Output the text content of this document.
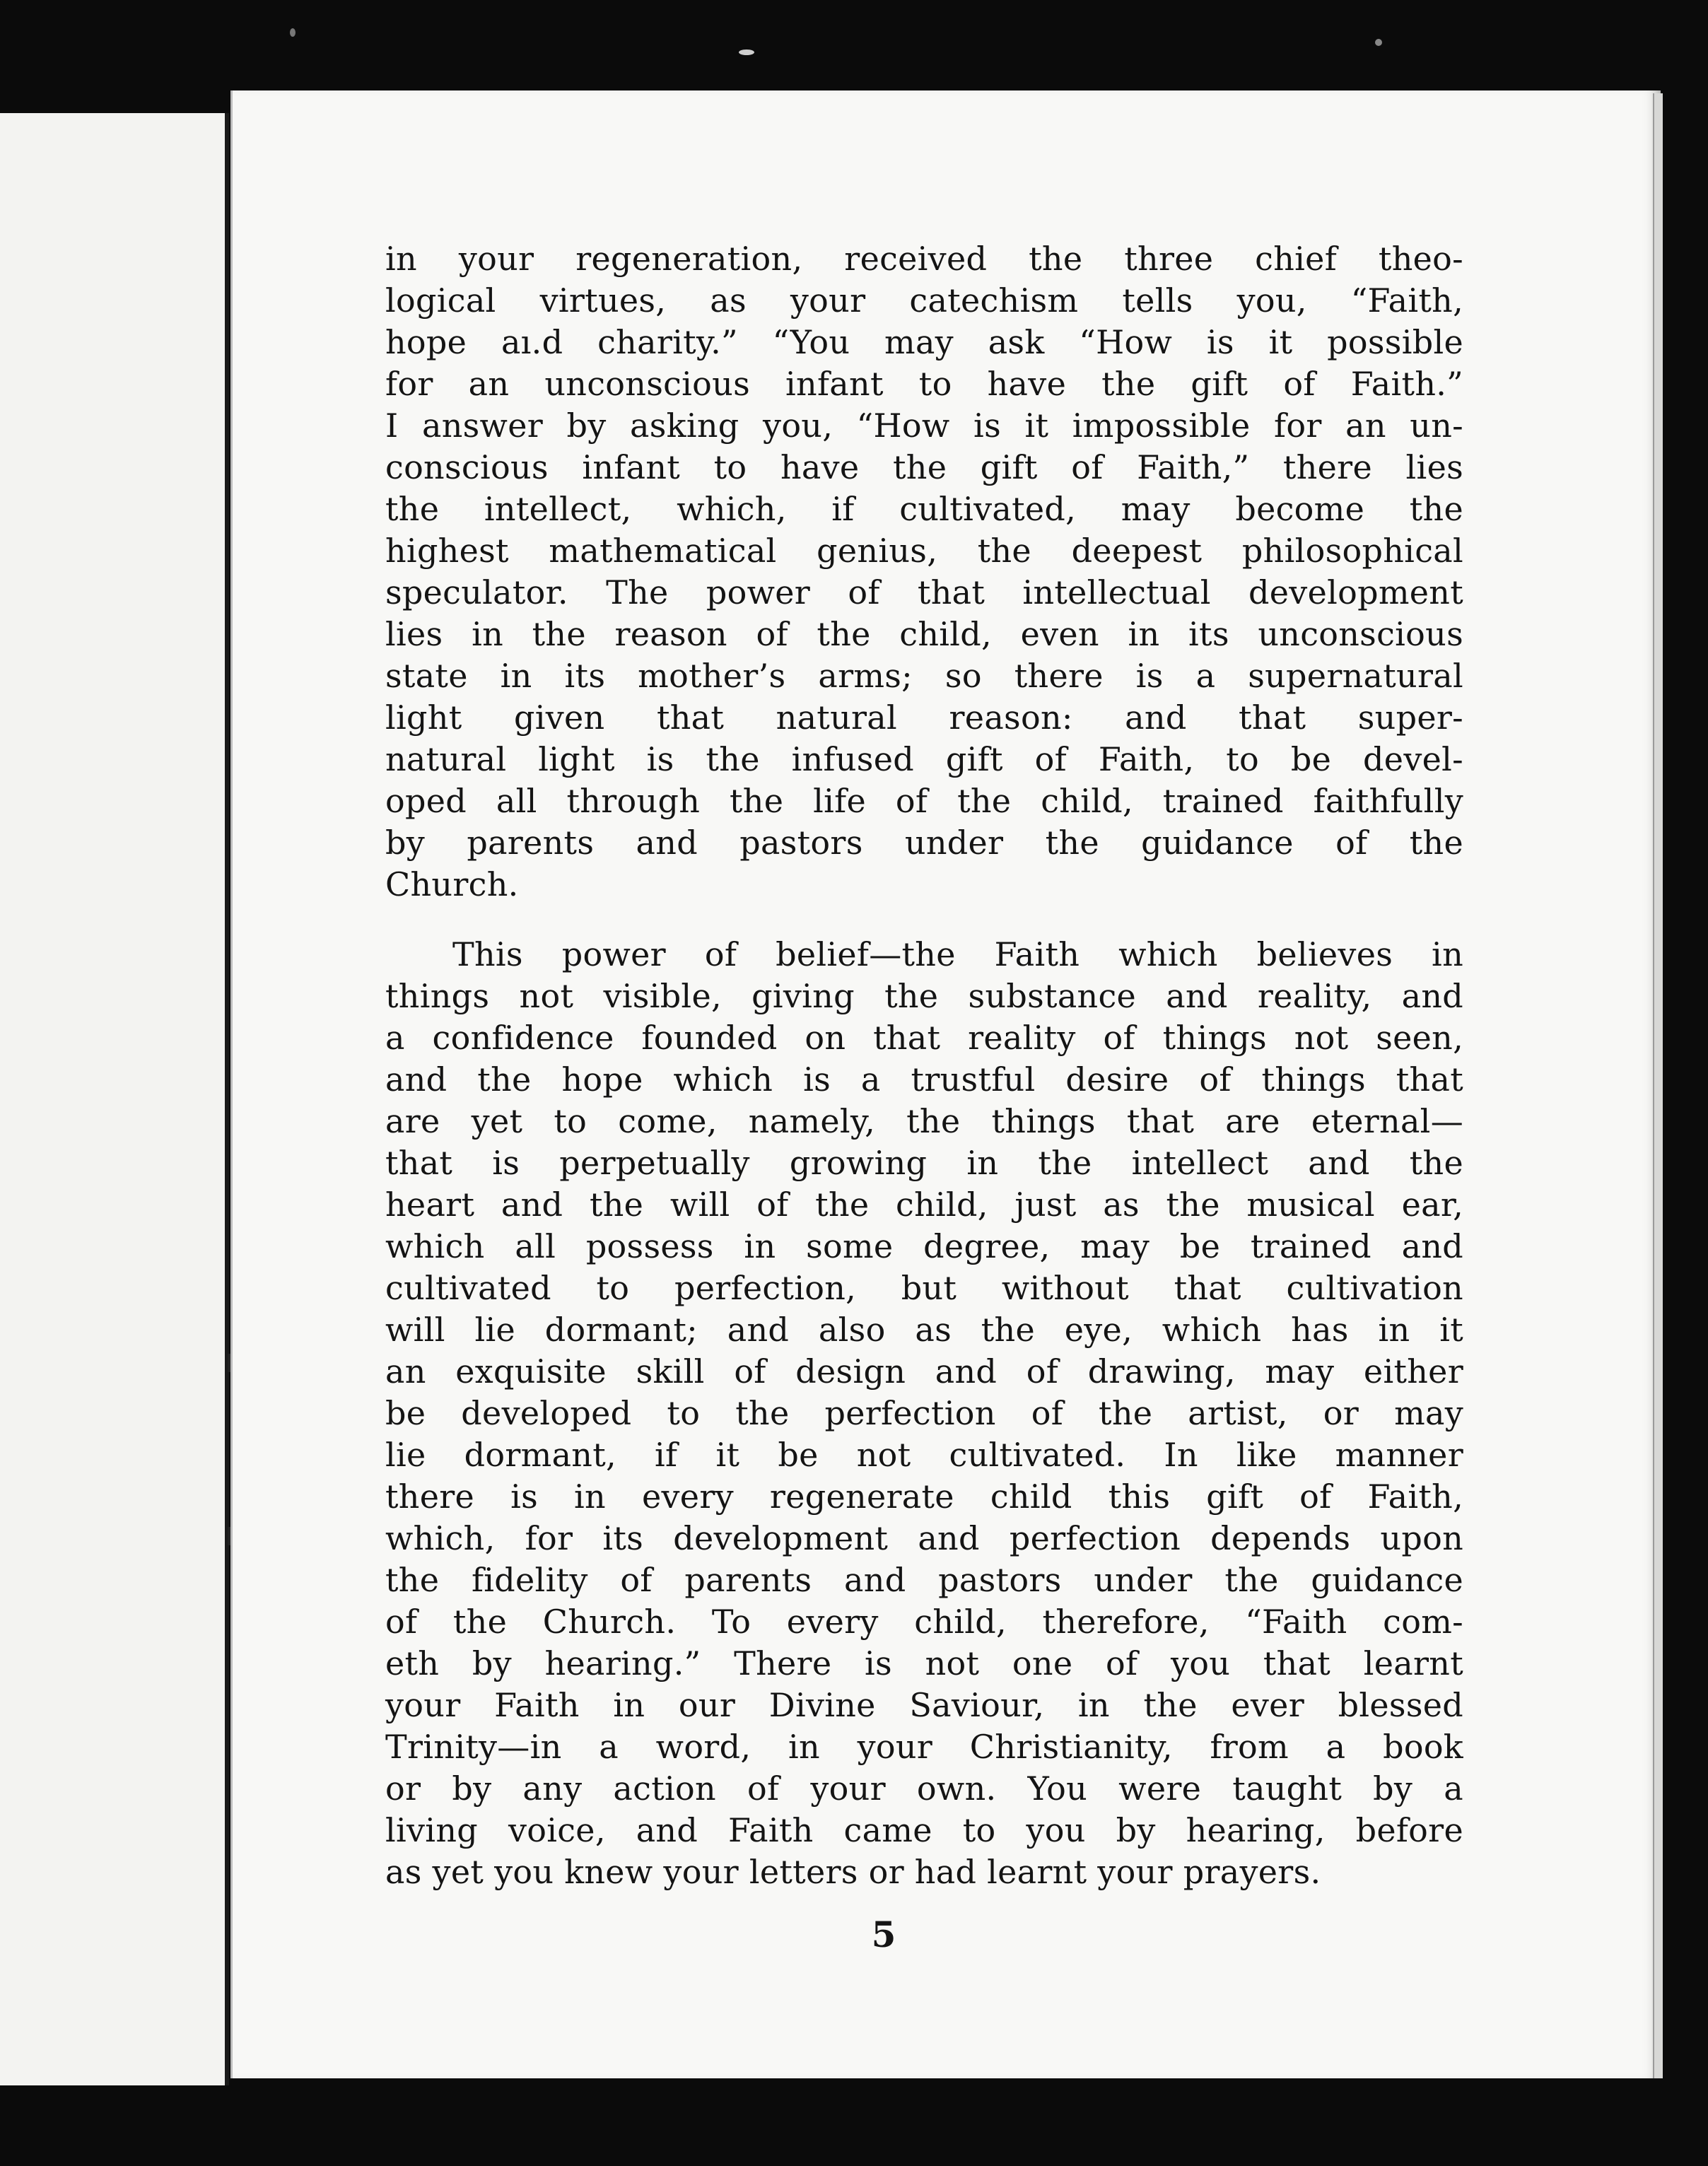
in your regeneration, received the three chief theo-
logical virtues, as your catechism tells you, “Faith,
hope aı.d charity.” “You may ask “How is it possible
for an unconscious infant to have the gift of Faith.”
I answer by asking you, “How is it impossible for an un-
conscious infant to have the gift of Faith,” there lies
the intellect, which, if cultivated, may become the
highest mathematical genius, the deepest philosophical
speculator. The power of that intellectual development
lies in the reason of the child, even in its unconscious
state in its mother’s arms; so there is a supernatural
light given that natural reason: and that super-
natural light is the infused gift of Faith, to be devel-
oped all through the life of the child, trained faithfully
by parents and pastors under the guidance of the
Church.
This power of belief—the Faith which believes in
things not visible, giving the substance and reality, and
a confidence founded on that reality of things not seen,
and the hope which is a trustful desire of things that
are yet to come, namely, the things that are eternal—
that is perpetually growing in the intellect and the
heart and the will of the child, just as the musical ear,
which all possess in some degree, may be trained and
cultivated to perfection, but without that cultivation
will lie dormant; and also as the eye, which has in it
an exquisite skill of design and of drawing, may either
be developed to the perfection of the artist, or may
lie dormant, if it be not cultivated. In like manner
there is in every regenerate child this gift of Faith,
which, for its development and perfection depends upon
the fidelity of parents and pastors under the guidance
of the Church. To every child, therefore, “Faith com-
eth by hearing.” There is not one of you that learnt
your Faith in our Divine Saviour, in the ever blessed
Trinity—in a word, in your Christianity, from a book
or by any action of your own. You were taught by a
living voice, and Faith came to you by hearing, before
as yet you knew your letters or had learnt your prayers.
5
